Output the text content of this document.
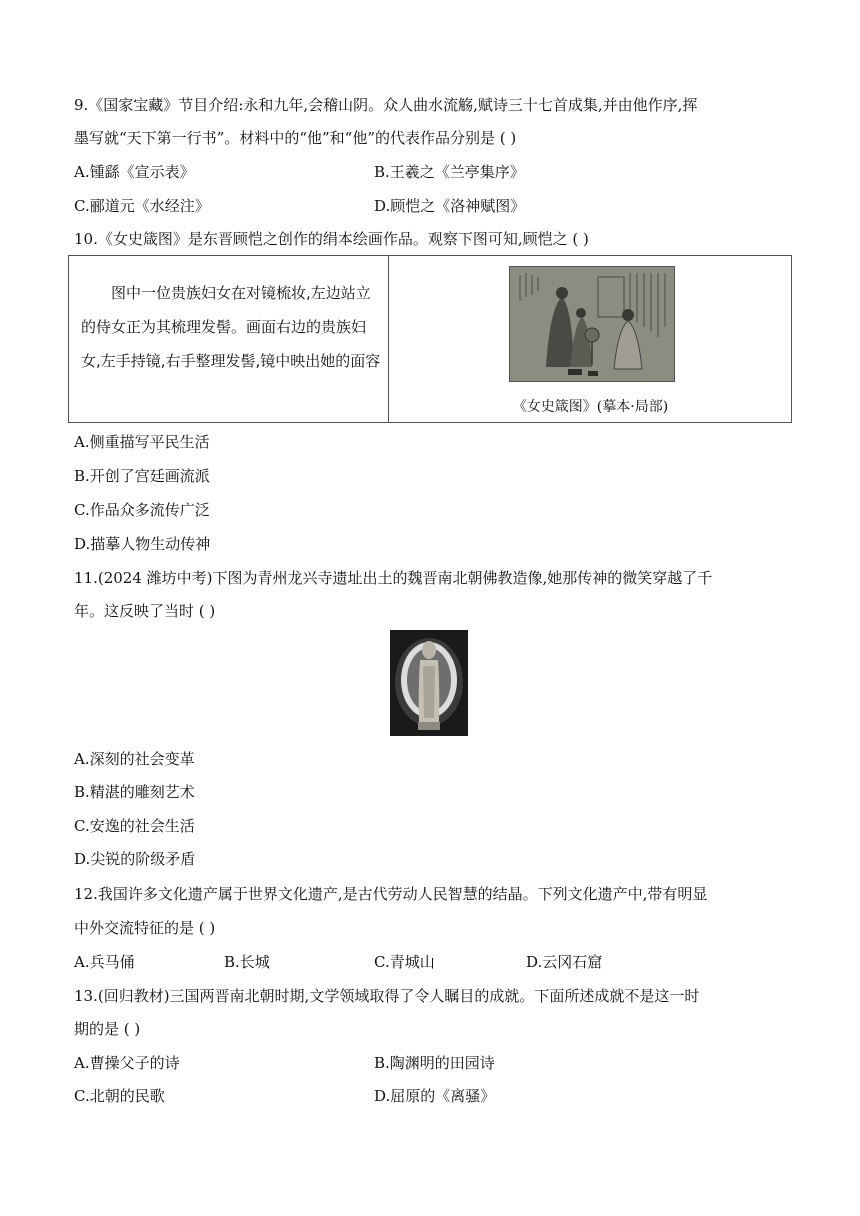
9.《国家宝藏》节目介绍:永和九年,会稽山阴。众人曲水流觞,赋诗三十七首成集,并由他作序,挥
墨写就“天下第一行书”。材料中的“他”和“他”的代表作品分别是 ( )
A.锺繇《宣示表》	B.王羲之《兰亭集序》
C.郦道元《水经注》	D.顾恺之《洛神赋图》
10.《女史箴图》是东晋顾恺之创作的绢本绘画作品。观察下图可知,顾恺之 ( )
图中一位贵族妇女在对镜梳妆,左边站立的侍女正为其梳理发髻。画面右边的贵族妇女,左手持镜,右手整理发髻,镜中映出她的面容
《女史箴图》(摹本·局部)
A.侧重描写平民生活
B.开创了宫廷画流派
C.作品众多流传广泛
D.描摹人物生动传神
11.(2024 潍坊中考)下图为青州龙兴寺遗址出土的魏晋南北朝佛教造像,她那传神的微笑穿越了千
年。这反映了当时 ( )
A.深刻的社会变革
B.精湛的雕刻艺术
C.安逸的社会生活
D.尖锐的阶级矛盾
12.我国许多文化遗产属于世界文化遗产,是古代劳动人民智慧的结晶。下列文化遗产中,带有明显
中外交流特征的是 ( )
A.兵马俑	B.长城	C.青城山	D.云冈石窟
13.(回归教材)三国两晋南北朝时期,文学领域取得了令人瞩目的成就。下面所述成就不是这一时
期的是 ( )
A.曹操父子的诗	B.陶渊明的田园诗
C.北朝的民歌	D.屈原的《离骚》
